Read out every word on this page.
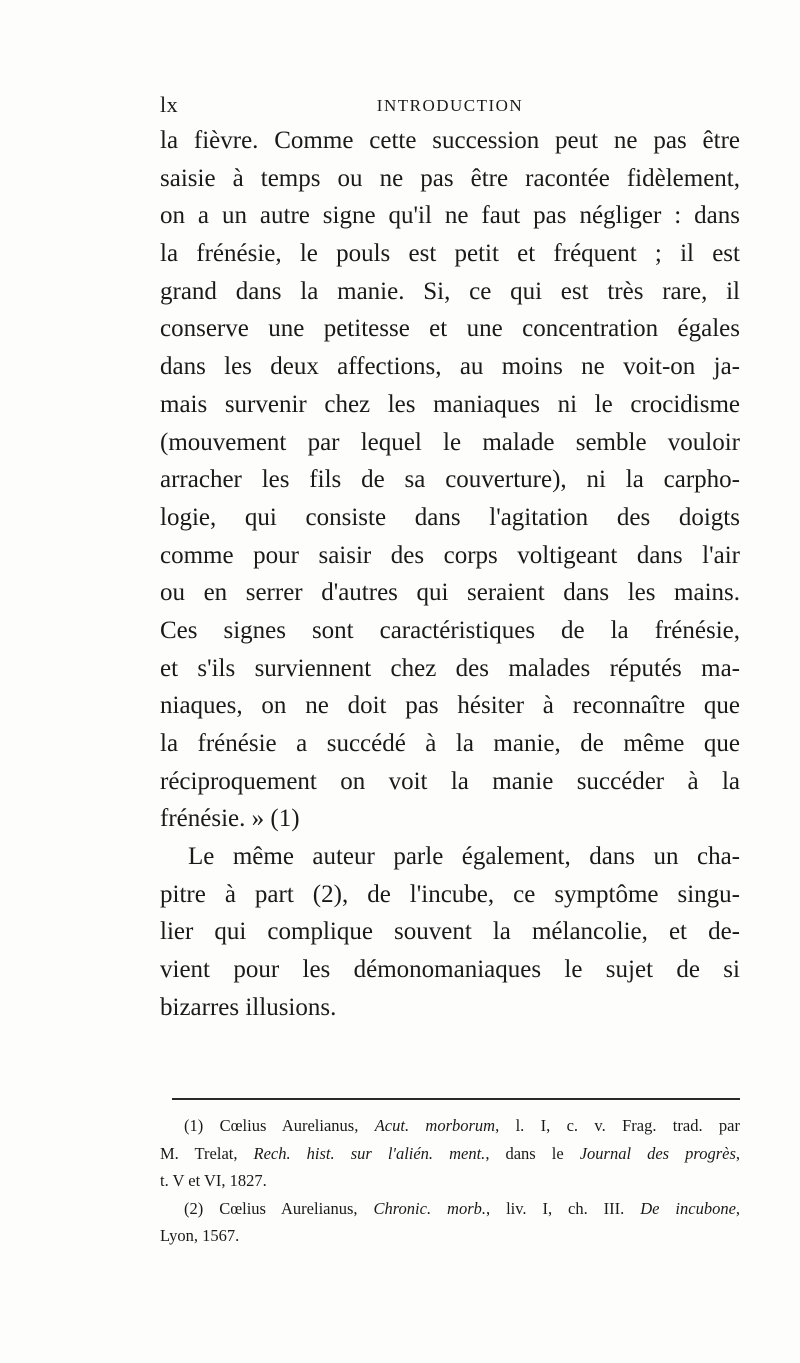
lx	INTRODUCTION
la fièvre. Comme cette succession peut ne pas être
saisie à temps ou ne pas être racontée fidèlement,
on a un autre signe qu'il ne faut pas négliger : dans
la frénésie, le pouls est petit et fréquent ; il est
grand dans la manie. Si, ce qui est très rare, il
conserve une petitesse et une concentration égales
dans les deux affections, au moins ne voit-on ja-
mais survenir chez les maniaques ni le crocidisme
(mouvement par lequel le malade semble vouloir
arracher les fils de sa couverture), ni la carpho-
logie, qui consiste dans l'agitation des doigts
comme pour saisir des corps voltigeant dans l'air
ou en serrer d'autres qui seraient dans les mains.
Ces signes sont caractéristiques de la frénésie,
et s'ils surviennent chez des malades réputés ma-
niaques, on ne doit pas hésiter à reconnaître que
la frénésie a succédé à la manie, de même que
réciproquement on voit la manie succéder à la
frénésie. » (1)
Le même auteur parle également, dans un cha-
pitre à part (2), de l'incube, ce symptôme singu-
lier qui complique souvent la mélancolie, et de-
vient pour les démonomaniaques le sujet de si
bizarres illusions.
(1) Cœlius Aurelianus, Acut. morborum, l. I, c. v. Frag. trad. par
M. Trelat, Rech. hist. sur l'alién. ment., dans le Journal des progrès,
t. V et VI, 1827.
(2) Cœlius Aurelianus, Chronic. morb., liv. I, ch. III. De incubone,
Lyon, 1567.
